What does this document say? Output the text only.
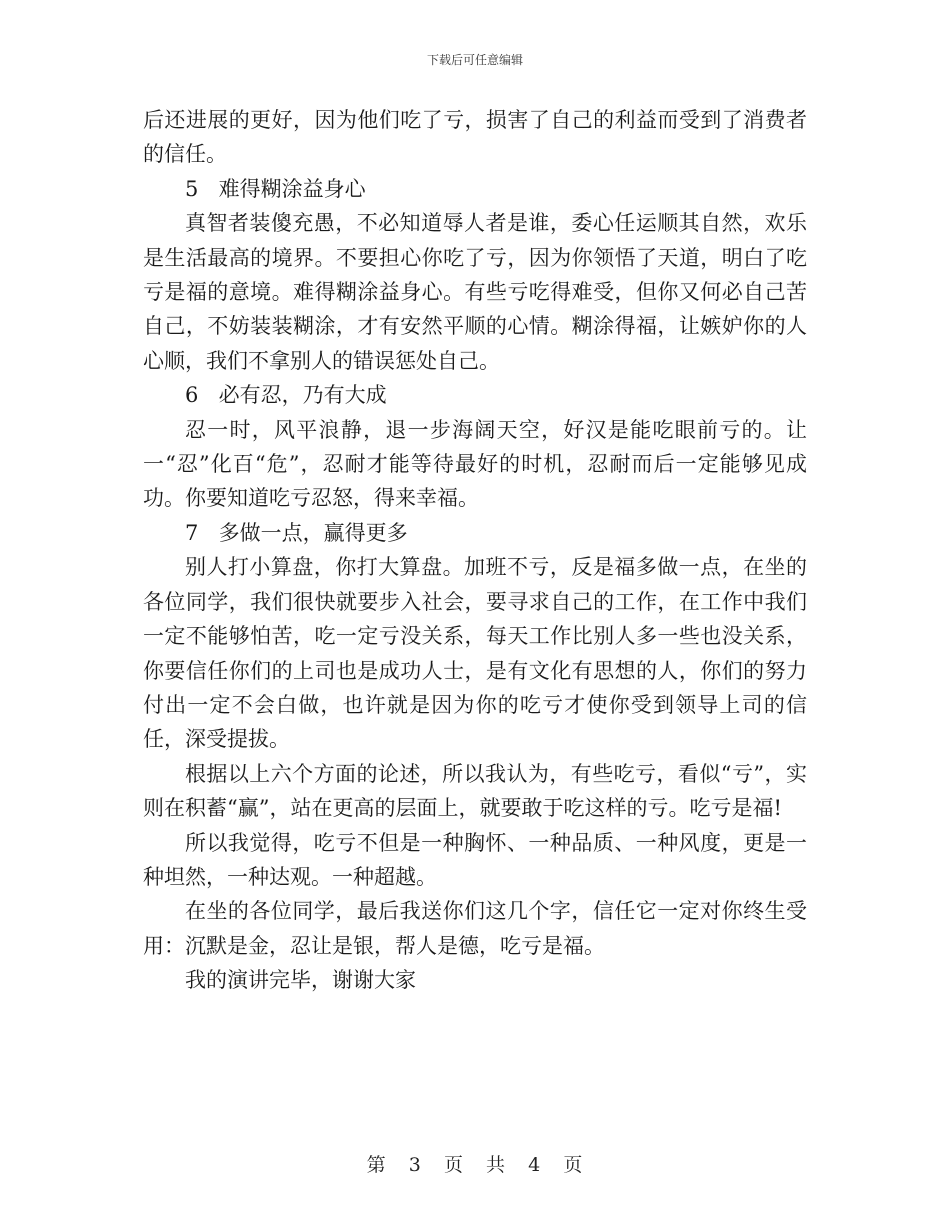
下载后可任意编辑

后还进展的更好，因为他们吃了亏，损害了自己的利益而受到了消费者的信任。

5 难得糊涂益身心

真智者装傻充愚，不必知道辱人者是谁，委心任运顺其自然，欢乐是生活最高的境界。不要担心你吃了亏，因为你领悟了天道，明白了吃亏是福的意境。难得糊涂益身心。有些亏吃得难受，但你又何必自己苦自己，不妨装装糊涂，才有安然平顺的心情。糊涂得福，让嫉妒你的人心顺，我们不拿别人的错误惩处自己。

6 必有忍，乃有大成

忍一时，风平浪静，退一步海阔天空，好汉是能吃眼前亏的。让一“忍”化百“危”，忍耐才能等待最好的时机，忍耐而后一定能够见成功。你要知道吃亏忍怒，得来幸福。

7 多做一点，赢得更多

别人打小算盘，你打大算盘。加班不亏，反是福多做一点，在坐的各位同学，我们很快就要步入社会，要寻求自己的工作，在工作中我们一定不能够怕苦，吃一定亏没关系，每天工作比别人多一些也没关系，你要信任你们的上司也是成功人士，是有文化有思想的人，你们的努力付出一定不会白做，也许就是因为你的吃亏才使你受到领导上司的信任，深受提拔。

根据以上六个方面的论述，所以我认为，有些吃亏，看似“亏”，实则在积蓄“赢”，站在更高的层面上，就要敢于吃这样的亏。吃亏是福!

所以我觉得，吃亏不但是一种胸怀、一种品质、一种风度，更是一种坦然，一种达观。一种超越。

在坐的各位同学，最后我送你们这几个字，信任它一定对你终生受用：沉默是金，忍让是银，帮人是德，吃亏是福。

我的演讲完毕，谢谢大家

第 3 页 共 4 页
